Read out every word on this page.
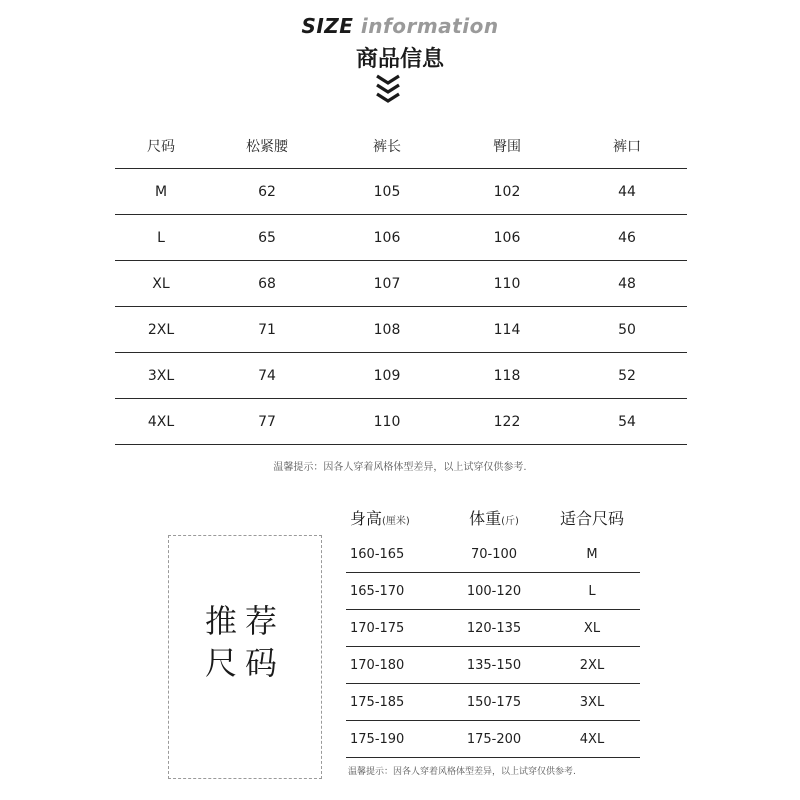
SIZE information
商品信息
尺码	松紧腰	裤长	臀围	裤口
M	62	105	102	44
L	65	106	106	46
XL	68	107	110	48
2XL	71	108	114	50
3XL	74	109	118	52
4XL	77	110	122	54
温馨提示：因各人穿着风格体型差异，以上试穿仅供参考.
推荐
尺码
身高(厘米)	体重(斤)	适合尺码
160-165	70-100	M
165-170	100-120	L
170-175	120-135	XL
170-180	135-150	2XL
175-185	150-175	3XL
175-190	175-200	4XL
温馨提示：因各人穿着风格体型差异，以上试穿仅供参考.
